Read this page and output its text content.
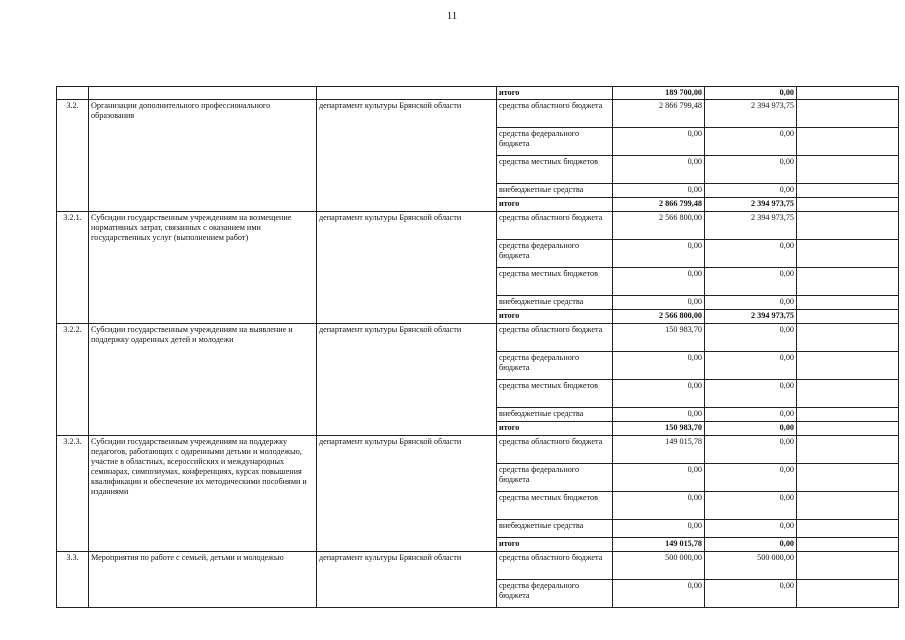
11
			итого	189 700,00	0,00	
3.2.	Организации дополнительного профессионального образования	департамент культуры Брянской области	средства областного бюджета	2 866 799,48	2 394 973,75	
			средства федерального бюджета	0,00	0,00	
			средства местных бюджетов	0,00	0,00	
			внебюджетные средства	0,00	0,00	
			итого	2 866 799,48	2 394 973,75	
3.2.1.	Субсидии государственным учреждениям на возмещение нормативных затрат, связанных с оказанием ими государственных услуг (выполнением работ)	департамент культуры Брянской области	средства областного бюджета	2 566 800,00	2 394 973,75	
			средства федерального бюджета	0,00	0,00	
			средства местных бюджетов	0,00	0,00	
			внебюджетные средства	0,00	0,00	
			итого	2 566 800,00	2 394 973,75	
3.2.2.	Субсидии государственным учреждениям на выявление и поддержку одаренных детей и молодежи	департамент культуры Брянской области	средства областного бюджета	150 983,70	0,00	
			средства федерального бюджета	0,00	0,00	
			средства местных бюджетов	0,00	0,00	
			внебюджетные средства	0,00	0,00	
			итого	150 983,70	0,00	
3.2.3.	Субсидии государственным учреждениям на поддержку педагогов, работающих с одаренными детьми и молодежью, участие в областных, всероссийских и международных семинарах, симпозиумах, конференциях, курсах повышения квалификации и обеспечение их методическими пособиями и изданиями	департамент культуры Брянской области	средства областного бюджета	149 015,78	0,00	
			средства федерального бюджета	0,00	0,00	
			средства местных бюджетов	0,00	0,00	
			внебюджетные средства	0,00	0,00	
			итого	149 015,78	0,00	
3.3.	Мероприятия по работе с семьей, детьми и молодежью	департамент культуры Брянской области	средства областного бюджета	500 000,00	500 000,00	
			средства федерального бюджета	0,00	0,00	
